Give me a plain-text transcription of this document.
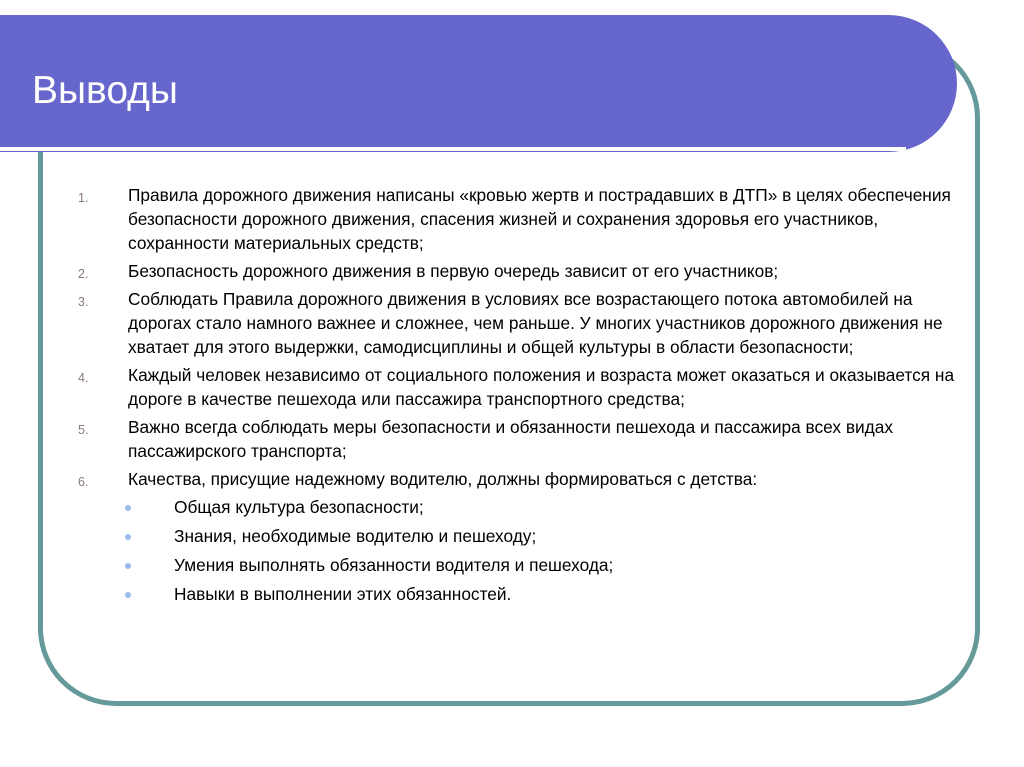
Выводы
1. Правила дорожного движения написаны «кровью жертв и пострадавших в ДТП» в целях обеспечения безопасности дорожного движения, спасения жизней и сохранения здоровья его участников, сохранности материальных средств;
2. Безопасность дорожного движения в первую очередь зависит от его участников;
3. Соблюдать Правила дорожного движения в условиях все возрастающего потока автомобилей на дорогах стало намного важнее и сложнее, чем раньше. У многих участников дорожного движения не хватает для этого выдержки, самодисциплины и общей культуры в области безопасности;
4. Каждый человек независимо от социального положения и возраста может оказаться и оказывается на дороге в качестве пешехода или пассажира транспортного средства;
5. Важно всегда соблюдать меры безопасности и обязанности пешехода и пассажира всех видах пассажирского транспорта;
6. Качества, присущие надежному водителю, должны формироваться с детства:
Общая культура безопасности;
Знания, необходимые водителю и пешеходу;
Умения выполнять обязанности водителя и пешехода;
Навыки в выполнении этих обязанностей.
